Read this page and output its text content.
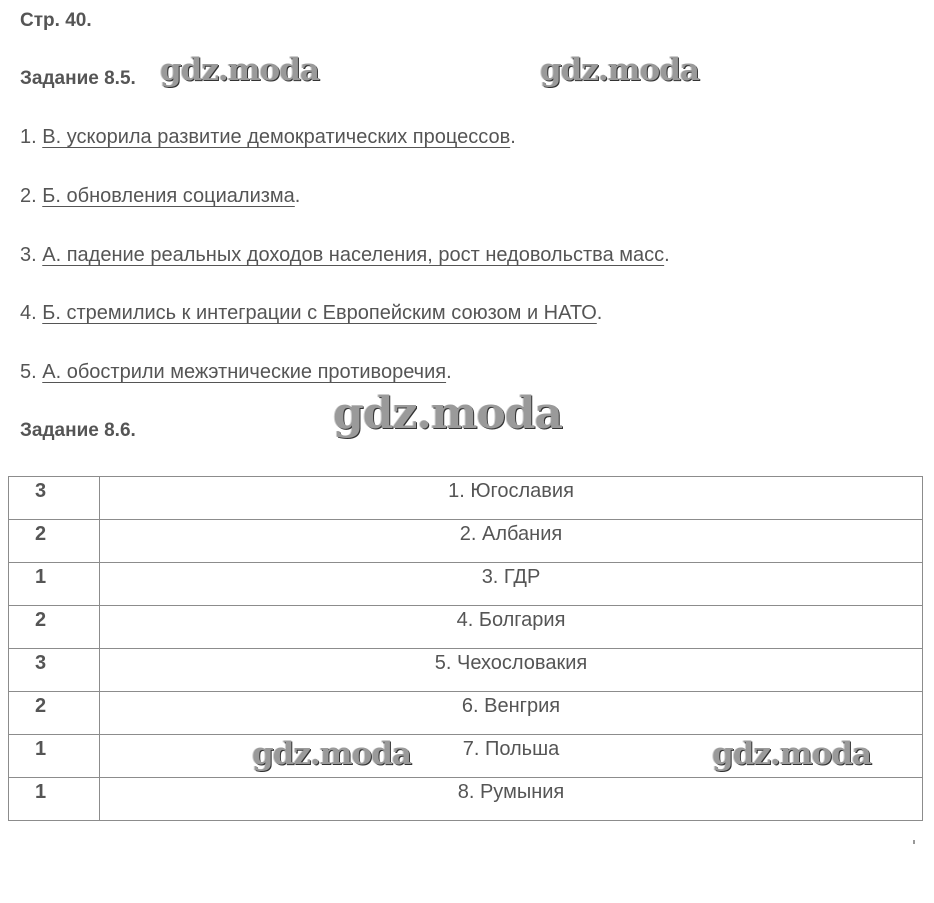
Стр. 40.
Задание 8.5.
1. В. ускорила развитие демократических процессов.
2. Б. обновления социализма.
3. А. падение реальных доходов населения, рост недовольства масс.
4. Б. стремились к интеграции с Европейским союзом и НАТО.
5. А. обострили межэтнические противоречия.
Задание 8.6.
3	1. Югославия
2	2. Албания
1	3. ГДР
2	4. Болгария
3	5. Чехословакия
2	6. Венгрия
1	7. Польша
1	8. Румыния
gdz.moda	gdz.moda
gdz.moda
gdz.moda	gdz.moda
